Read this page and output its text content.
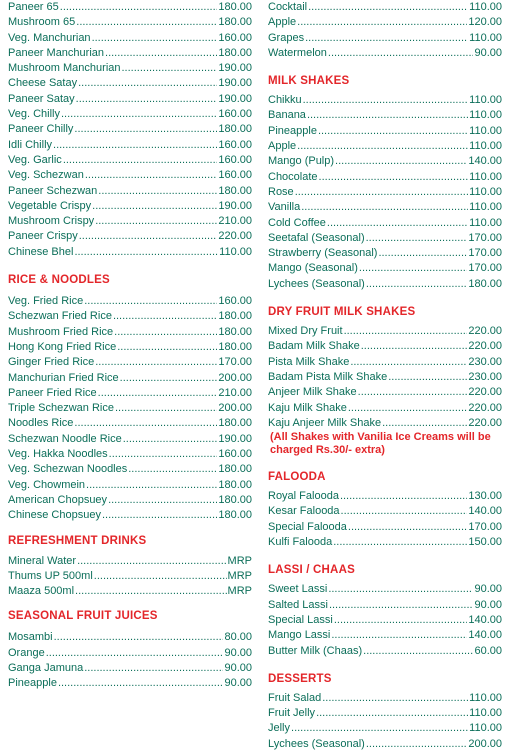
Paneer 65 .....	180.00
Mushroom 65 .....	180.00
Veg. Manchurian .....	160.00
Paneer Manchurian .....	180.00
Mushroom Manchurian .....	190.00
Cheese Satay .....	190.00
Paneer Satay .....	190.00
Veg. Chilly .....	160.00
Paneer Chilly .....	180.00
Idli Chilly .....	160.00
Veg. Garlic .....	160.00
Veg. Schezwan .....	160.00
Paneer Schezwan .....	180.00
Vegetable Crispy .....	190.00
Mushroom Crispy .....	210.00
Paneer Crispy .....	220.00
Chinese Bhel .....	110.00
RICE & NOODLES
Veg. Fried Rice .....	160.00
Schezwan Fried Rice .....	180.00
Mushroom Fried Rice .....	180.00
Hong Kong Fried Rice .....	180.00
Ginger Fried Rice .....	170.00
Manchurian Fried Rice .....	200.00
Paneer Fried Rice .....	210.00
Triple Schezwan Rice .....	200.00
Noodles Rice .....	180.00
Schezwan Noodle Rice .....	190.00
Veg. Hakka Noodles .....	160.00
Veg. Schezwan Noodles .....	180.00
Veg. Chowmein .....	180.00
American Chopsuey .....	180.00
Chinese Chopsuey .....	180.00
REFRESHMENT DRINKS
Mineral Water .....	MRP
Thums UP 500ml .....	MRP
Maaza 500ml .....	MRP
SEASONAL FRUIT JUICES
Mosambi .....	80.00
Orange .....	90.00
Ganga Jamuna .....	90.00
Pineapple .....	90.00
Cocktail .....	110.00
Apple .....	120.00
Grapes .....	110.00
Watermelon .....	90.00
MILK SHAKES
Chikku .....	110.00
Banana .....	110.00
Pineapple .....	110.00
Apple .....	110.00
Mango (Pulp) .....	140.00
Chocolate .....	110.00
Rose .....	110.00
Vanilla .....	110.00
Cold Coffee .....	110.00
Seetafal (Seasonal) .....	170.00
Strawberry (Seasonal) .....	170.00
Mango (Seasonal) .....	170.00
Lychees (Seasonal) .....	180.00
DRY FRUIT MILK SHAKES
Mixed Dry Fruit .....	220.00
Badam Milk Shake .....	220.00
Pista Milk Shake .....	230.00
Badam Pista Milk Shake .....	230.00
Anjeer Milk Shake .....	220.00
Kaju Milk Shake .....	220.00
Kaju Anjeer Milk Shake .....	220.00
(All Shakes with Vanilia Ice Creams will be charged Rs.30/- extra)
FALOODA
Royal Falooda .....	130.00
Kesar Falooda .....	140.00
Special Falooda .....	170.00
Kulfi Falooda .....	150.00
LASSI / CHAAS
Sweet Lassi .....	90.00
Salted Lassi .....	90.00
Special Lassi .....	140.00
Mango Lassi .....	140.00
Butter Milk (Chaas) .....	60.00
DESSERTS
Fruit Salad .....	110.00
Fruit Jelly .....	110.00
Jelly .....	110.00
Lychees (Seasonal) .....	200.00
